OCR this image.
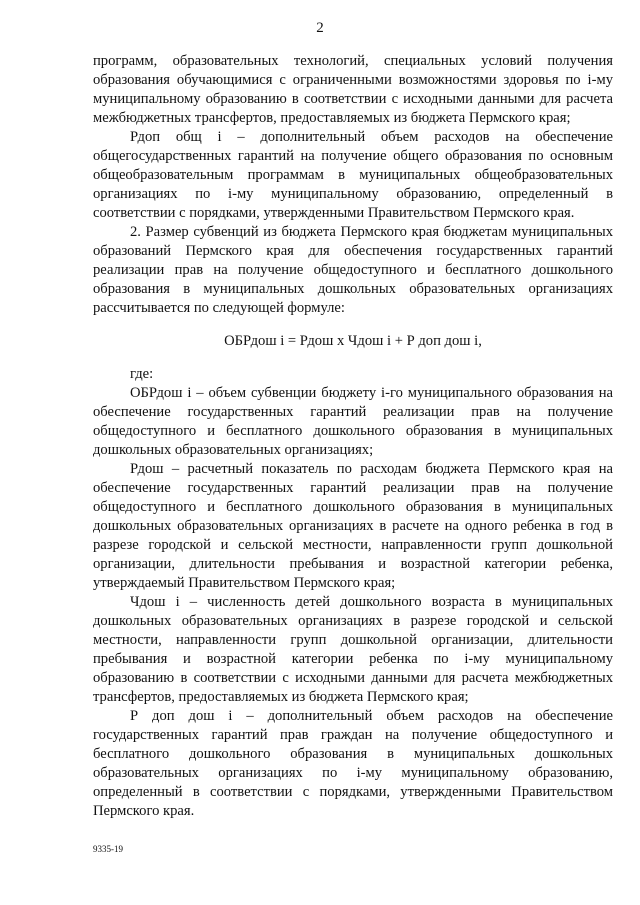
2

программ, образовательных технологий, специальных условий получения образования обучающимися с ограниченными возможностями здоровья по i-му муниципальному образованию в соответствии с исходными данными для расчета межбюджетных трансфертов, предоставляемых из бюджета Пермского края;

Рдоп общ i – дополнительный объем расходов на обеспечение общегосударственных гарантий на получение общего образования по основным общеобразовательным программам в муниципальных общеобразовательных организациях по i-му муниципальному образованию, определенный в соответствии с порядками, утвержденными Правительством Пермского края.

2. Размер субвенций из бюджета Пермского края бюджетам муниципальных образований Пермского края для обеспечения государственных гарантий реализации прав на получение общедоступного и бесплатного дошкольного образования в муниципальных дошкольных образовательных организациях рассчитывается по следующей формуле:

ОБРдош i = Рдош х Чдош i + Р доп дош i,

где:

ОБРдош i – объем субвенции бюджету i-го муниципального образования на обеспечение государственных гарантий реализации прав на получение общедоступного и бесплатного дошкольного образования в муниципальных дошкольных образовательных организациях;

Рдош – расчетный показатель по расходам бюджета Пермского края на обеспечение государственных гарантий реализации прав на получение общедоступного и бесплатного дошкольного образования в муниципальных дошкольных образовательных организациях в расчете на одного ребенка в год в разрезе городской и сельской местности, направленности групп дошкольной организации, длительности пребывания и возрастной категории ребенка, утверждаемый Правительством Пермского края;

Чдош i – численность детей дошкольного возраста в муниципальных дошкольных образовательных организациях в разрезе городской и сельской местности, направленности групп дошкольной организации, длительности пребывания и возрастной категории ребенка по i-му муниципальному образованию в соответствии с исходными данными для расчета межбюджетных трансфертов, предоставляемых из бюджета Пермского края;

Р доп дош i – дополнительный объем расходов на обеспечение государственных гарантий прав граждан на получение общедоступного и бесплатного дошкольного образования в муниципальных дошкольных образовательных организациях по i-му муниципальному образованию, определенный в соответствии с порядками, утвержденными Правительством Пермского края.

9335-19
